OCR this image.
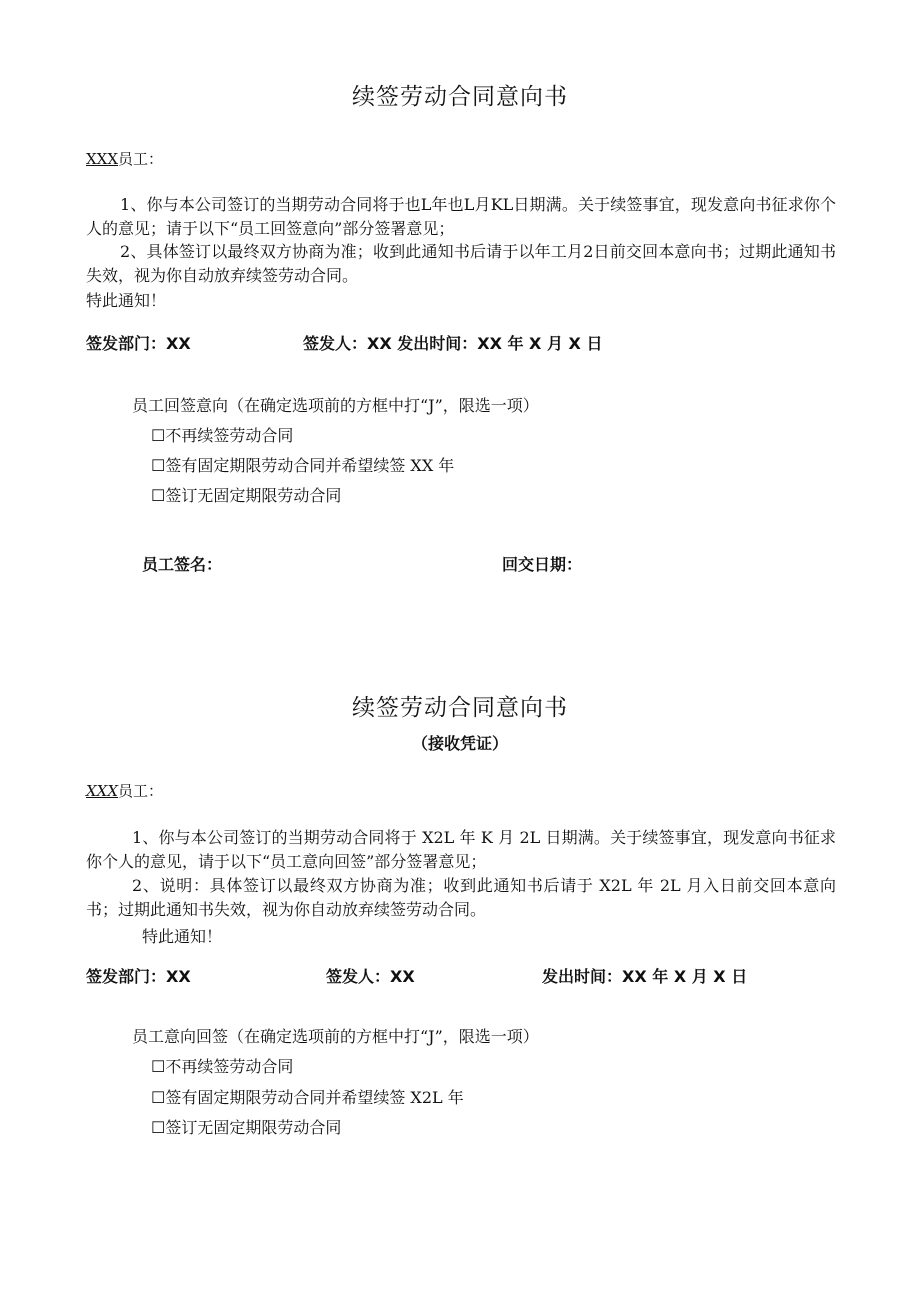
续签劳动合同意向书
XXX员工：
1、你与本公司签订的当期劳动合同将于也L年也L月KL日期满。关于续签事宜，现发意向书征求你个人的意见；请于以下“员工回签意向”部分签署意见；
2、具体签订以最终双方协商为准；收到此通知书后请于以年工月2日前交回本意向书；过期此通知书失效，视为你自动放弃续签劳动合同。
特此通知！
签发部门：XX	签发人：XX 发出时间：XX 年 X 月 X 日
员工回签意向（在确定选项前的方框中打“J”，限选一项）
☐不再续签劳动合同
☐签有固定期限劳动合同并希望续签 XX 年
☐签订无固定期限劳动合同
员工签名：	回交日期：
续签劳动合同意向书
（接收凭证）
XXX员工：
1、你与本公司签订的当期劳动合同将于 X2L 年 K 月 2L 日期满。关于续签事宜，现发意向书征求你个人的意见，请于以下“员工意向回签”部分签署意见；
2、说明：具体签订以最终双方协商为准；收到此通知书后请于 X2L 年 2L 月入日前交回本意向书；过期此通知书失效，视为你自动放弃续签劳动合同。
特此通知！
签发部门：XX	签发人：XX	发出时间：XX 年 X 月 X 日
员工意向回签（在确定选项前的方框中打“J”，限选一项）
☐不再续签劳动合同
☐签有固定期限劳动合同并希望续签 X2L 年
☐签订无固定期限劳动合同
